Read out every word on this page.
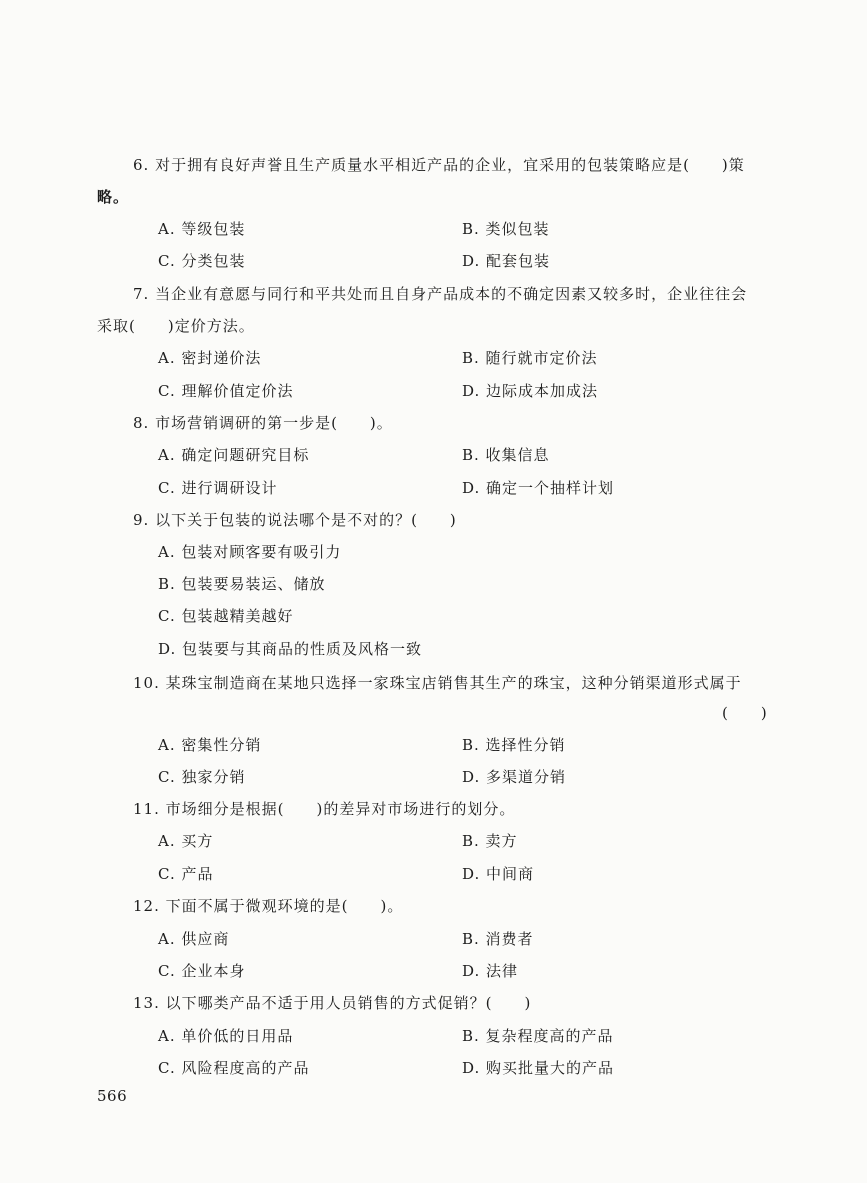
6. 对于拥有良好声誉且生产质量水平相近产品的企业，宜采用的包装策略应是(　　)策
略。
A. 等级包装	B. 类似包装
C. 分类包装	D. 配套包装
7. 当企业有意愿与同行和平共处而且自身产品成本的不确定因素又较多时，企业往往会
采取(　　)定价方法。
A. 密封递价法	B. 随行就市定价法
C. 理解价值定价法	D. 边际成本加成法
8. 市场营销调研的第一步是(　　)。
A. 确定问题研究目标	B. 收集信息
C. 进行调研设计	D. 确定一个抽样计划
9. 以下关于包装的说法哪个是不对的？(　　)
A. 包装对顾客要有吸引力
B. 包装要易装运、储放
C. 包装越精美越好
D. 包装要与其商品的性质及风格一致
10. 某珠宝制造商在某地只选择一家珠宝店销售其生产的珠宝，这种分销渠道形式属于
(　　)
A. 密集性分销	B. 选择性分销
C. 独家分销	D. 多渠道分销
11. 市场细分是根据(　　)的差异对市场进行的划分。
A. 买方	B. 卖方
C. 产品	D. 中间商
12. 下面不属于微观环境的是(　　)。
A. 供应商	B. 消费者
C. 企业本身	D. 法律
13. 以下哪类产品不适于用人员销售的方式促销？(　　)
A. 单价低的日用品	B. 复杂程度高的产品
C. 风险程度高的产品	D. 购买批量大的产品
566
